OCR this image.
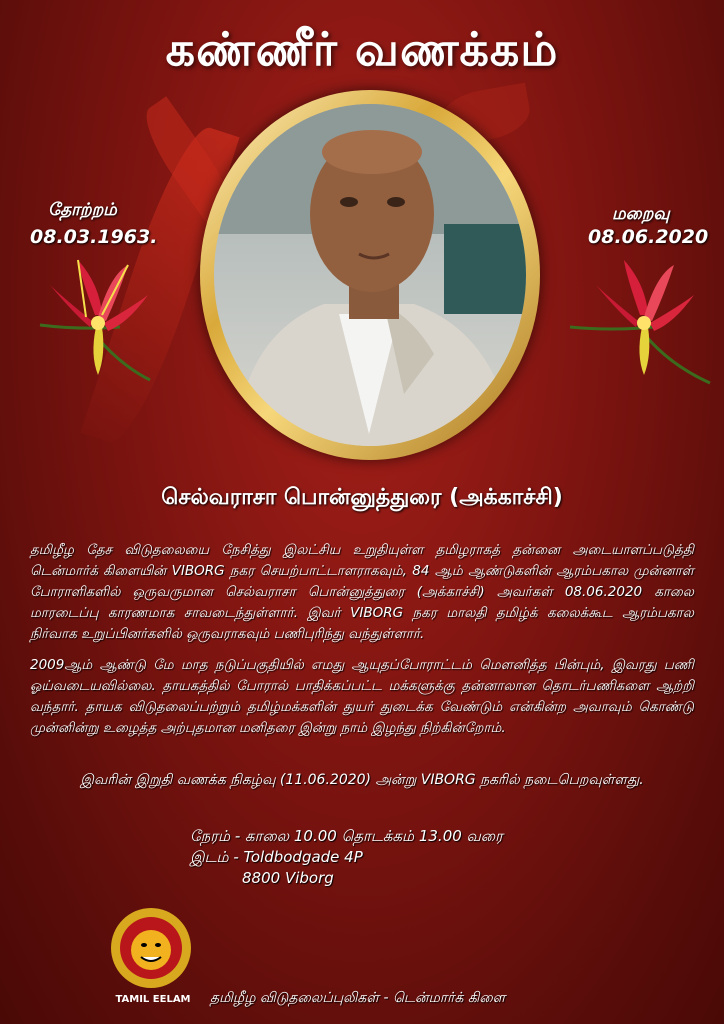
கண்ணீர் வணக்கம்
தோற்றம்
08.03.1963.
மறைவு
08.06.2020
செல்வராசா பொன்னுத்துரை (அக்காச்சி)
தமிழீழ தேச விடுதலையை நேசித்து இலட்சிய உறுதியுள்ள தமிழராகத் தன்னை அடையாளப்படுத்தி டென்மார்க் கிளையின் VIBORG நகர செயற்பாட்டாளராகவும், 84 ஆம் ஆண்டுகளின் ஆரம்பகால முன்னாள் போராளிகளில் ஒருவருமான செல்வராசா பொன்னுத்துரை (அக்காச்சி) அவர்கள் 08.06.2020 காலை மாரடைப்பு காரணமாக சாவடைந்துள்ளார். இவர் VIBORG நகர மாலதி தமிழ்க் கலைக்கூட ஆரம்பகால நிர்வாக உறுப்பினர்களில் ஒருவராகவும் பணிபுரிந்து வந்துள்ளார்.
2009ஆம் ஆண்டு மே மாத நடுப்பகுதியில் எமது ஆயுதப்போராட்டம் மௌனித்த பின்பும், இவரது பணி ஓய்வடையவில்லை. தாயகத்தில் போரால் பாதிக்கப்பட்ட மக்களுக்கு தன்னாலான தொடர்பணிகளை ஆற்றி வந்தார். தாயக விடுதலைப்பற்றும் தமிழ்மக்களின் துயர் துடைக்க வேண்டும் என்கின்ற அவாவும் கொண்டு முன்னின்று உழைத்த அற்புதமான மனிதரை இன்று நாம் இழந்து நிற்கின்றோம்.
இவரின் இறுதி வணக்க நிகழ்வு (11.06.2020) அன்று VIBORG நகரில் நடைபெறவுள்ளது.
நேரம் - காலை 10.00 தொடக்கம் 13.00 வரை
இடம் - Toldbodgade 4P
8800 Viborg
TAMIL EELAM	தமிழீழ விடுதலைப்புலிகள் - டென்மார்க் கிளை
